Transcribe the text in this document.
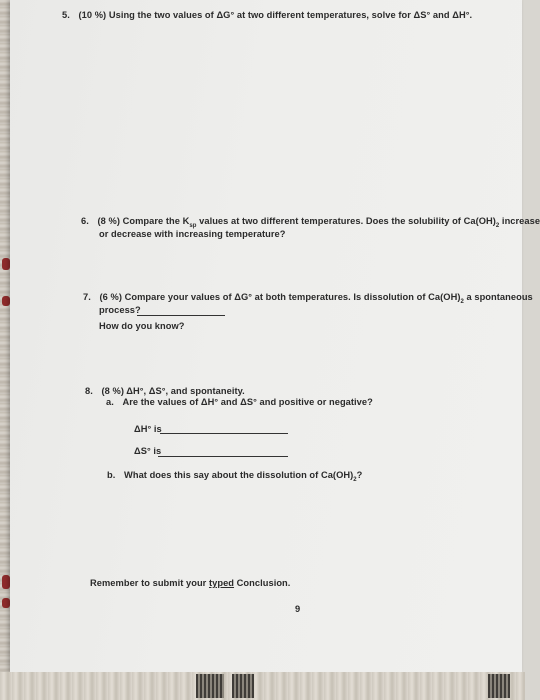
5. (10 %) Using the two values of ΔG° at two different temperatures, solve for ΔS° and ΔH°.
6. (8 %) Compare the $K_{sp}$ values at two different temperatures. Does the solubility of $Ca(OH)_2$ increase
or decrease with increasing temperature?
7. (6 %) Compare your values of ΔG° at both temperatures. Is dissolution of $Ca(OH)_2$ a spontaneous
process?
How do you know?
8. (8 %) ΔH°, ΔS°, and spontaneity.
a. Are the values of ΔH° and ΔS° and positive or negative?
ΔH° is
ΔS° is
b. What does this say about the dissolution of $Ca(OH)_2$?
Remember to submit your typed Conclusion.
9
